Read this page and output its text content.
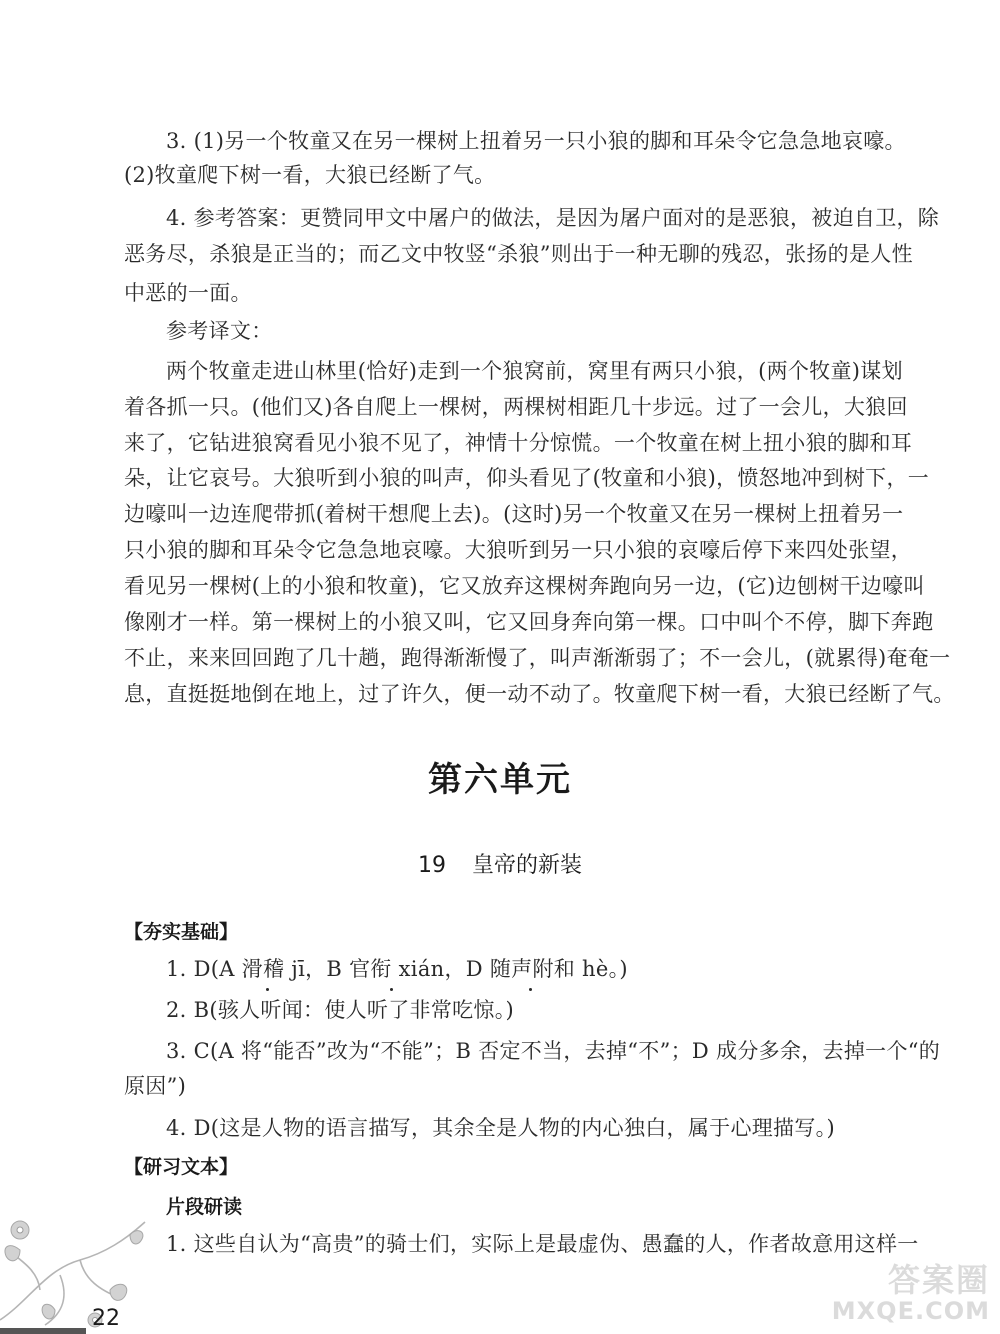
3. (1)另一个牧童又在另一棵树上扭着另一只小狼的脚和耳朵令它急急地哀嚎。
(2)牧童爬下树一看，大狼已经断了气。
4. 参考答案：更赞同甲文中屠户的做法，是因为屠户面对的是恶狼，被迫自卫，除
恶务尽，杀狼是正当的；而乙文中牧竖“杀狼”则出于一种无聊的残忍，张扬的是人性
中恶的一面。
参考译文：
两个牧童走进山林里(恰好)走到一个狼窝前，窝里有两只小狼，(两个牧童)谋划
着各抓一只。(他们又)各自爬上一棵树，两棵树相距几十步远。过了一会儿，大狼回
来了，它钻进狼窝看见小狼不见了，神情十分惊慌。一个牧童在树上扭小狼的脚和耳
朵，让它哀号。大狼听到小狼的叫声，仰头看见了(牧童和小狼)，愤怒地冲到树下，一
边嚎叫一边连爬带抓(着树干想爬上去)。(这时)另一个牧童又在另一棵树上扭着另一
只小狼的脚和耳朵令它急急地哀嚎。大狼听到另一只小狼的哀嚎后停下来四处张望，
看见另一棵树(上的小狼和牧童)，它又放弃这棵树奔跑向另一边，(它)边刨树干边嚎叫
像刚才一样。第一棵树上的小狼又叫，它又回身奔向第一棵。口中叫个不停，脚下奔跑
不止，来来回回跑了几十趟，跑得渐渐慢了，叫声渐渐弱了；不一会儿，(就累得)奄奄一
息，直挺挺地倒在地上，过了许久，便一动不动了。牧童爬下树一看，大狼已经断了气。
第六单元
19 皇帝的新装
【夯实基础】
1. D(A 滑稽 jī，B 官衔 xián，D 随声附和 hè。)
2. B(骇人听闻：使人听了非常吃惊。)
3. C(A 将“能否”改为“不能”；B 否定不当，去掉“不”；D 成分多余，去掉一个“的
原因”)
4. D(这是人物的语言描写，其余全是人物的内心独白，属于心理描写。)
【研习文本】
片段研读
1. 这些自认为“高贵”的骑士们，实际上是最虚伪、愚蠢的人，作者故意用这样一
22
答案圈
MXQE.COM
